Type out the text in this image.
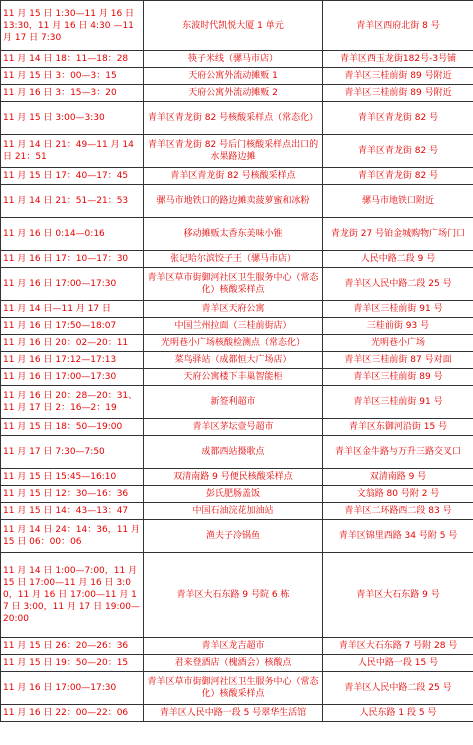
11 月 15 日 1:30—11 月 16 日 13:30，11 月 16 日 4:30 —11 月 17 日 7:30	东波时代凯悦大厦 1 单元	青羊区西府北街 8 号
11 月 14 日 18：11—18：28	筷子米线（骡马市店）	青羊区西玉龙街182号-3号铺
11 月 15 日 3：00—3：15	天府公寓外流动摊贩 1	青羊区三桂前街 89 号附近
11 月 16 日 3：15—3：20	天府公寓外流动摊贩 2	青羊区三桂前街 89 号附近
11 月 15 日 3:00—3:30	青羊区青龙街 82 号核酸采样点（常态化）	青羊区青龙街 82 号
11 月 14 日 21：49—11 月 14 日 21：51	青羊区青龙街 82 号后门核酸采样点出口的水果路边摊	青羊区青龙街 82 号
11 月 15 日 17：40—17：45	青羊区青龙街 82 号核酸采样点	青羊区青龙街 82 号
11 月 14 日 21：51—21：53	骡马市地铁口的路边摊卖菠萝蜜和冰粉	骡马市地铁口附近
11 月 16 日 0:14—0:16	移动摊贩太香东美味小锥	青龙街 27 号铂金城购物广场门口
11 月 16 日 17：10—17：30	张记哈尔滨饺子王（骡马市店）	人民中路二段 9 号
11 月 16 日 17:00—17:30	青羊区草市街御河社区卫生服务中心（常态化）核酸采样点	青羊区人民中路二段 25 号
11 月 14 日—11 月 17 日	青羊区天府公寓	青羊区三桂前街 91 号
11 月 16 日 17:50—18:07	中国兰州拉面（三桂前街店）	三桂前街 93 号
11 月 16 日 20：02—20：11	光明巷小广场核酸检测点（常态化）	光明巷小广场
11 月 16 日 17:12—17:13	菜鸟驿站（成都恒大广场店）	青羊区三桂前街 87 号对面
11 月 16 日 17:00—17:30	天府公寓楼下丰巢智能柜	青羊区三桂前街 89 号
11 月 16 日 20：28—20：31、11 月 17 日 2：16—2：19	新签利超市	青羊区三桂前街 91 号
11 月 15 日 18：50—19:00	青羊区茅坛壹号超市	青羊区东御河沿街 15 号
11 月 17 日 7:30—7:50	成都西站摄歌点	青羊区金牛路与万升三路交叉口
11 月 15 日 15:45—16:10	双清南路 9 号便民核酸采样点	双清南路 9 号
11 月 15 日 12：30—16：36	彭氏肥肠盖饭	文翁路 80 号附 2 号
11 月 15 日 14：43—13：47	中国石油浣花加油站	青羊区二环路西二段 83 号
11 月 14 日 24：14：36，11 月 15 日 06：00：06	渔夫子冷锅鱼	青羊区锦里西路 34 号附 5 号
11 月 14 日 1:00—7:00，11 月 15 日 17:00—11 月 16 日 3:00，11 月 16 日 17:00—11 月 17 日 3:00，11 月 17 日 19:00—20:00	青羊区大石东路 9 号院 6 栋	青羊区大石东路 9 号
11 月 15 日 26：20—26：36	青羊区龙吉超市	青羊区大石东路 7 号附 28 号
11 月 15 日 19：50—20：15	君来登酒店（槐酒会）核酸点	人民中路一段 15 号
11 月 16 日 17:00—17:30	青羊区草市街御河社区卫生服务中心（常态化）核酸采样点	青羊区人民中路二段 25 号
11 月 16 日 22：00—22：06	青羊区人民中路一段 5 号翠华生活馆	人民东路 1 段 5 号
